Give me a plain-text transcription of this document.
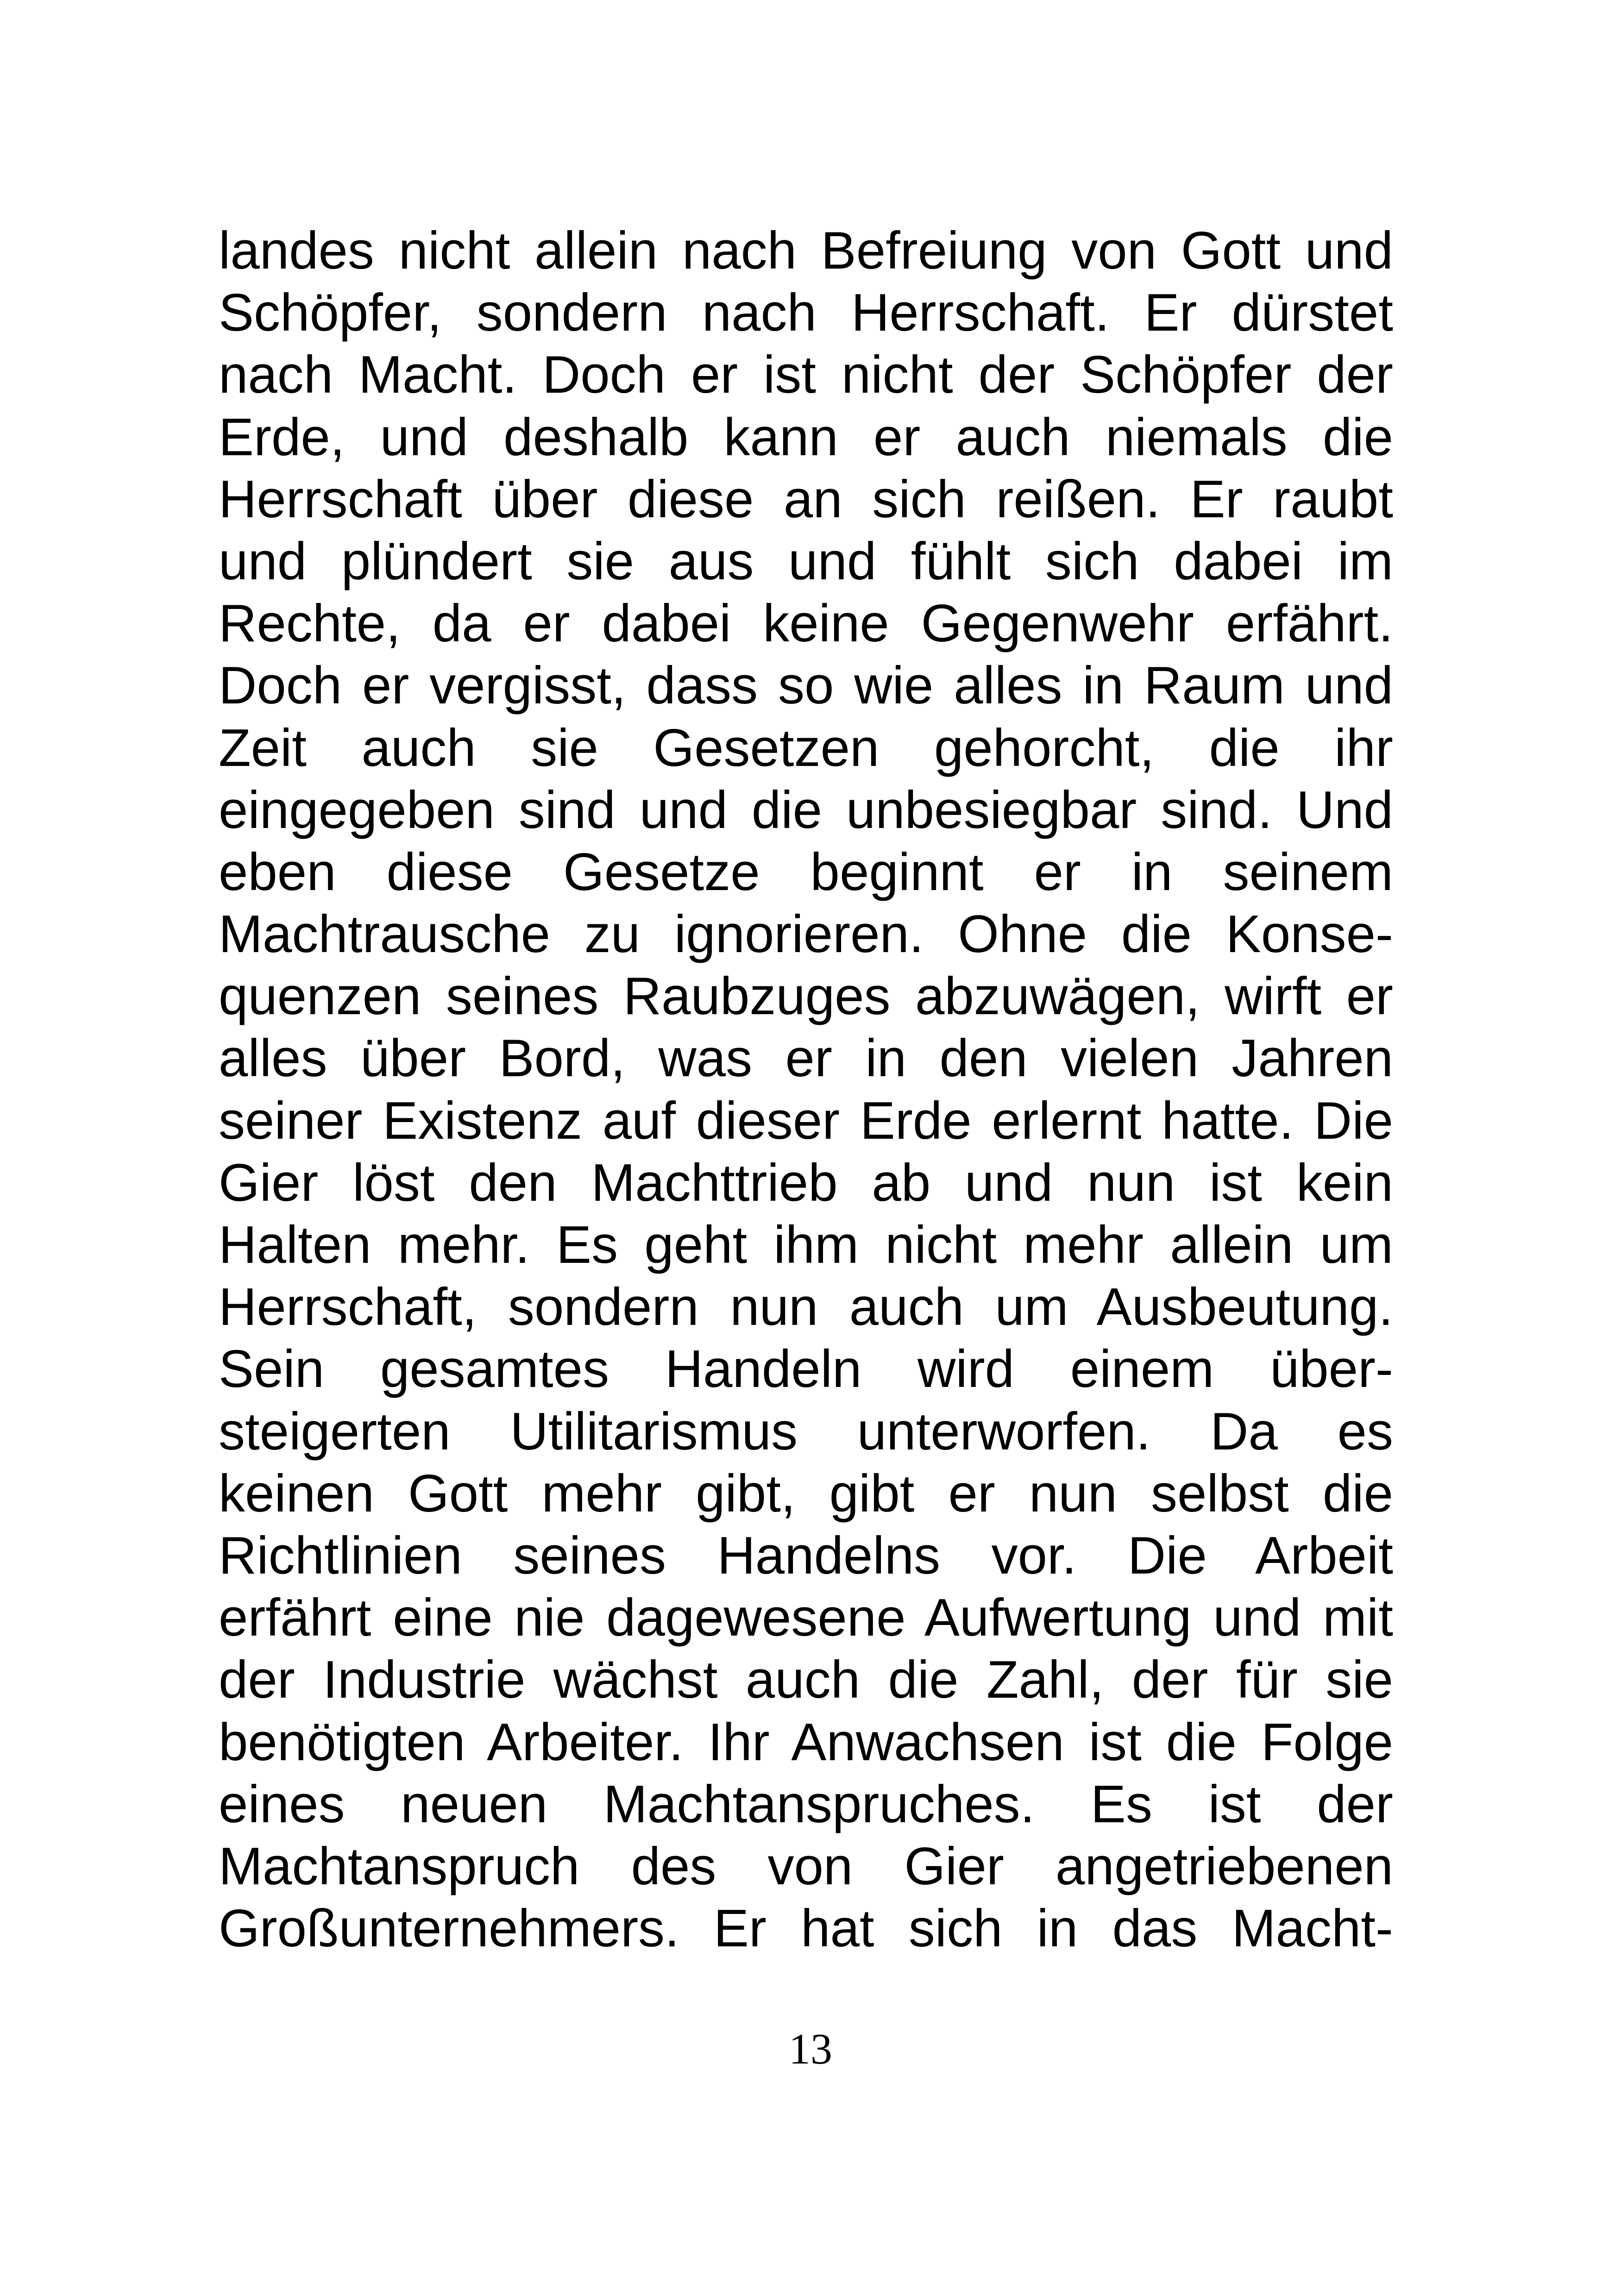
landes nicht allein nach Befreiung von Gott und
Schöpfer, sondern nach Herrschaft. Er dürstet
nach Macht. Doch er ist nicht der Schöpfer der
Erde, und deshalb kann er auch niemals die
Herrschaft über diese an sich reißen. Er raubt
und plündert sie aus und fühlt sich dabei im
Rechte, da er dabei keine Gegenwehr erfährt.
Doch er vergisst, dass so wie alles in Raum und
Zeit auch sie Gesetzen gehorcht, die ihr
eingegeben sind und die unbesiegbar sind. Und
eben diese Gesetze beginnt er in seinem
Machtrausche zu ignorieren. Ohne die Konse-
quenzen seines Raubzuges abzuwägen, wirft er
alles über Bord, was er in den vielen Jahren
seiner Existenz auf dieser Erde erlernt hatte. Die
Gier löst den Machttrieb ab und nun ist kein
Halten mehr. Es geht ihm nicht mehr allein um
Herrschaft, sondern nun auch um Ausbeutung.
Sein gesamtes Handeln wird einem über-
steigerten Utilitarismus unterworfen. Da es
keinen Gott mehr gibt, gibt er nun selbst die
Richtlinien seines Handelns vor. Die Arbeit
erfährt eine nie dagewesene Aufwertung und mit
der Industrie wächst auch die Zahl, der für sie
benötigten Arbeiter. Ihr Anwachsen ist die Folge
eines neuen Machtanspruches. Es ist der
Machtanspruch des von Gier angetriebenen
Großunternehmers. Er hat sich in das Macht-
13
